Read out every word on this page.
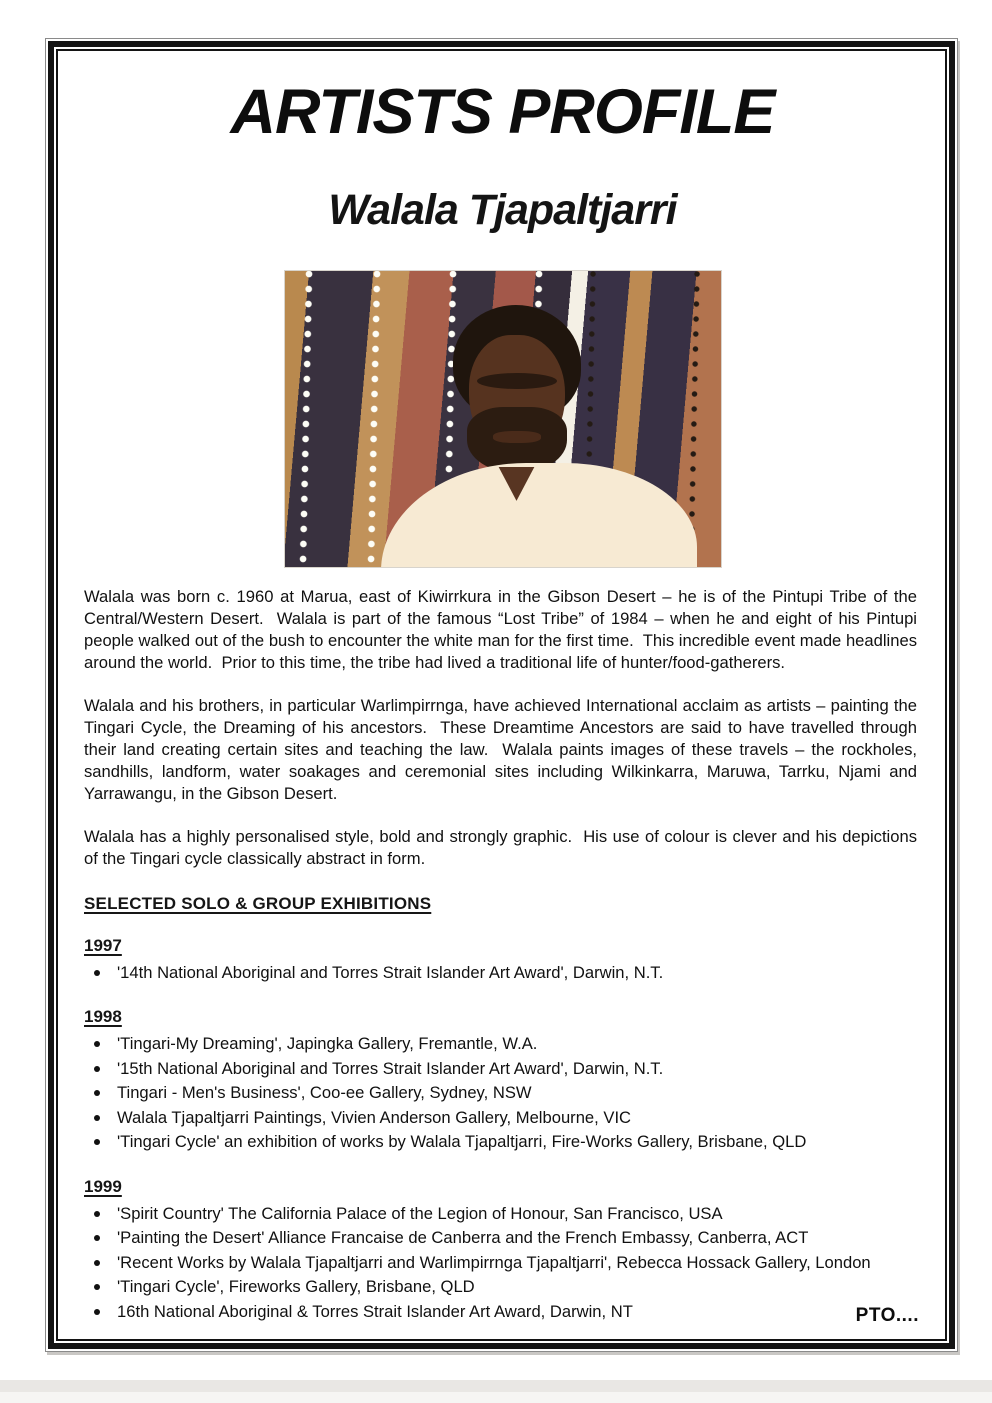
ARTISTS PROFILE
Walala Tjapaltjarri

Walala was born c. 1960 at Marua, east of Kiwirrkura in the Gibson Desert – he is of the Pintupi Tribe of the Central/Western Desert.  Walala is part of the famous “Lost Tribe” of 1984 – when he and eight of his Pintupi people walked out of the bush to encounter the white man for the first time.  This incredible event made headlines around the world.  Prior to this time, the tribe had lived a traditional life of hunter/food-gatherers.

Walala and his brothers, in particular Warlimpirrnga, have achieved International acclaim as artists – painting the Tingari Cycle, the Dreaming of his ancestors.  These Dreamtime Ancestors are said to have travelled through their land creating certain sites and teaching the law.  Walala paints images of these travels – the rockholes, sandhills, landform, water soakages and ceremonial sites including Wilkinkarra, Maruwa, Tarrku, Njami and Yarrawangu, in the Gibson Desert.

Walala has a highly personalised style, bold and strongly graphic.  His use of colour is clever and his depictions of the Tingari cycle classically abstract in form.

SELECTED SOLO & GROUP EXHIBITIONS
1997
'14th National Aboriginal and Torres Strait Islander Art Award', Darwin, N.T.
1998
'Tingari-My Dreaming', Japingka Gallery, Fremantle, W.A.
'15th National Aboriginal and Torres Strait Islander Art Award', Darwin, N.T.
Tingari - Men's Business', Coo-ee Gallery, Sydney, NSW
Walala Tjapaltjarri Paintings, Vivien Anderson Gallery, Melbourne, VIC
'Tingari Cycle' an exhibition of works by Walala Tjapaltjarri, Fire-Works Gallery, Brisbane, QLD
1999
'Spirit Country' The California Palace of the Legion of Honour, San Francisco, USA
'Painting the Desert' Alliance Francaise de Canberra and the French Embassy, Canberra, ACT
'Recent Works by Walala Tjapaltjarri and Warlimpirrnga Tjapaltjarri', Rebecca Hossack Gallery, London
'Tingari Cycle', Fireworks Gallery, Brisbane, QLD
16th National Aboriginal & Torres Strait Islander Art Award, Darwin, NT	PTO....
